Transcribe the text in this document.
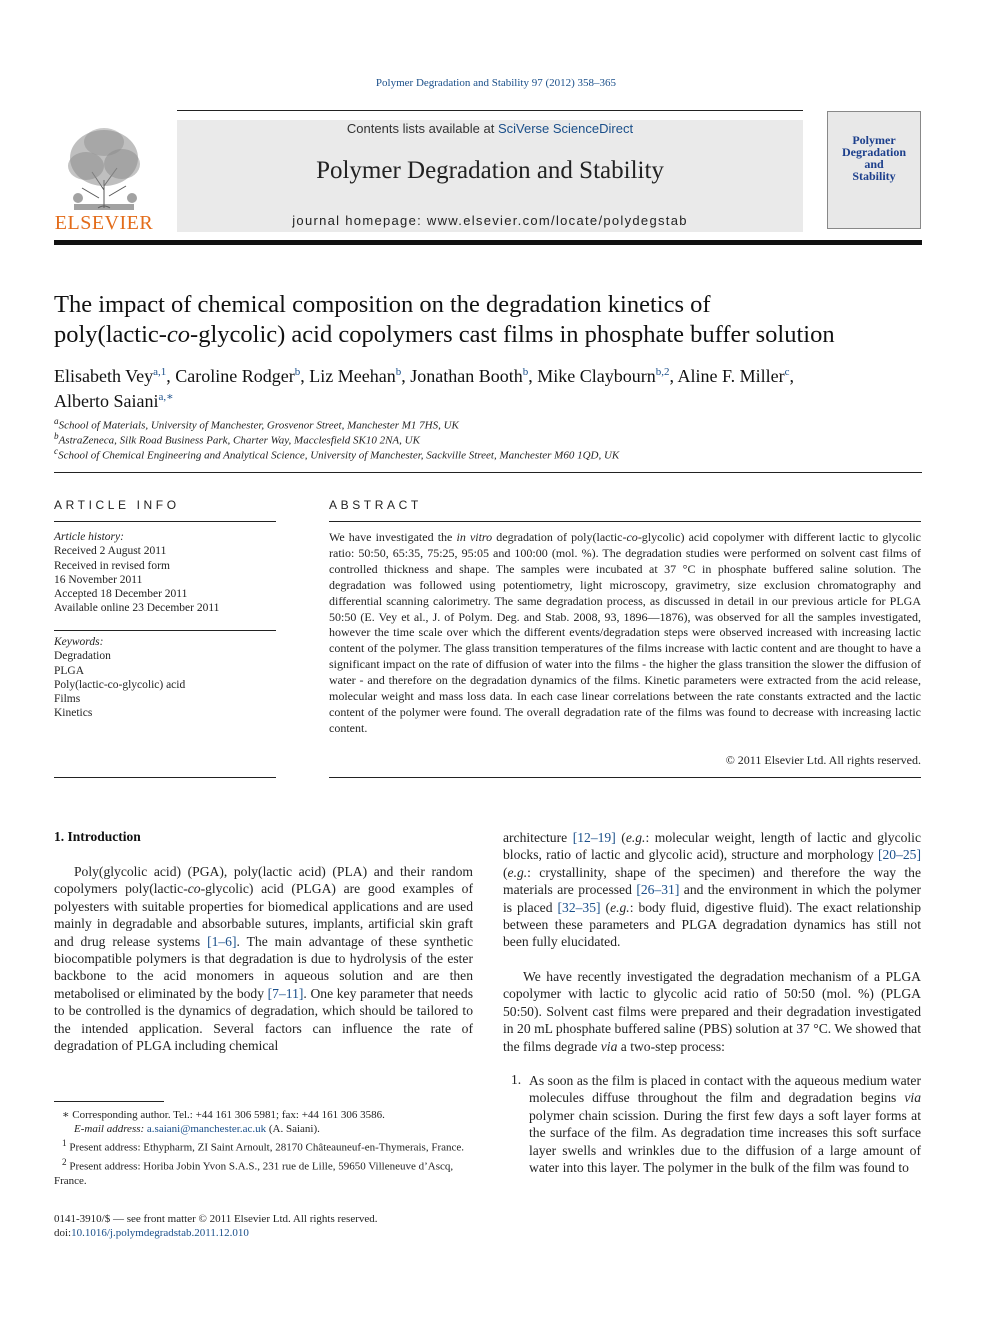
Polymer Degradation and Stability 97 (2012) 358–365
ELSEVIER
Contents lists available at SciVerse ScienceDirect
Polymer Degradation and Stability
journal homepage: www.elsevier.com/locate/polydegstab
Polymer
Degradation
and
Stability
The impact of chemical composition on the degradation kinetics of
poly(lactic-co-glycolic) acid copolymers cast films in phosphate buffer solution
Elisabeth Vey$^{a,1}$, Caroline Rodger$^b$, Liz Meehan$^b$, Jonathan Booth$^b$, Mike Claybourn$^{b,2}$, Aline F. Miller$^c$,
Alberto Saiani$^{a,∗}$
$^a$School of Materials, University of Manchester, Grosvenor Street, Manchester M1 7HS, UK
$^b$AstraZeneca, Silk Road Business Park, Charter Way, Macclesfield SK10 2NA, UK
$^c$School of Chemical Engineering and Analytical Science, University of Manchester, Sackville Street, Manchester M60 1QD, UK
ARTICLE INFO
Article history:
Received 2 August 2011
Received in revised form
16 November 2011
Accepted 18 December 2011
Available online 23 December 2011
Keywords:
Degradation
PLGA
Poly(lactic-co-glycolic) acid
Films
Kinetics
ABSTRACT
We have investigated the in vitro degradation of poly(lactic-co-glycolic) acid copolymer with different lactic to glycolic ratio: 50:50, 65:35, 75:25, 95:05 and 100:00 (mol. %). The degradation studies were performed on solvent cast films of controlled thickness and shape. The samples were incubated at 37 °C in phosphate buffered saline solution. The degradation was followed using potentiometry, light microscopy, gravimetry, size exclusion chromatography and differential scanning calorimetry. The same degradation process, as discussed in detail in our previous article for PLGA 50:50 (E. Vey et al., J. of Polym. Deg. and Stab. 2008, 93, 1896—1876), was observed for all the samples investigated, however the time scale over which the different events/degradation steps were observed increased with increasing lactic content of the polymer. The glass transition temperatures of the films increase with lactic content and are thought to have a significant impact on the rate of diffusion of water into the films - the higher the glass transition the slower the diffusion of water - and therefore on the degradation dynamics of the films. Kinetic parameters were extracted from the acid release, molecular weight and mass loss data. In each case linear correlations between the rate constants extracted and the lactic content of the polymer were found. The overall degradation rate of the films was found to decrease with increasing lactic content.
© 2011 Elsevier Ltd. All rights reserved.
1. Introduction
Poly(glycolic acid) (PGA), poly(lactic acid) (PLA) and their random copolymers poly(lactic-co-glycolic) acid (PLGA) are good examples of polyesters with suitable properties for biomedical applications and are used mainly in degradable and absorbable sutures, implants, artificial skin graft and drug release systems [1–6]. The main advantage of these synthetic biocompatible polymers is that degradation is due to hydrolysis of the ester backbone to the acid monomers in aqueous solution and are then metabolised or eliminated by the body [7–11]. One key parameter that needs to be controlled is the dynamics of degradation, which should be tailored to the intended application. Several factors can influence the rate of degradation of PLGA including chemical
architecture [12–19] (e.g.: molecular weight, length of lactic and glycolic blocks, ratio of lactic and glycolic acid), structure and morphology [20–25] (e.g.: crystallinity, shape of the specimen) and therefore the way the materials are processed [26–31] and the environment in which the polymer is placed [32–35] (e.g.: body fluid, digestive fluid). The exact relationship between these parameters and PLGA degradation dynamics has still not been fully elucidated.
We have recently investigated the degradation mechanism of a PLGA copolymer with lactic to glycolic acid ratio of 50:50 (mol. %) (PLGA 50:50). Solvent cast films were prepared and their degradation investigated in 20 mL phosphate buffered saline (PBS) solution at 37 °C. We showed that the films degrade via a two-step process:
1. As soon as the film is placed in contact with the aqueous medium water molecules diffuse throughout the film and degradation begins via polymer chain scission. During the first few days a soft layer forms at the surface of the film. As degradation time increases this soft surface layer swells and wrinkles due to the diffusion of a large amount of water into this layer. The polymer in the bulk of the film was found to
∗ Corresponding author. Tel.: +44 161 306 5981; fax: +44 161 306 3586.
E-mail address: a.saiani@manchester.ac.uk (A. Saiani).
$^1$ Present address: Ethypharm, ZI Saint Arnoult, 28170 Châteauneuf-en-Thymerais, France.
$^2$ Present address: Horiba Jobin Yvon S.A.S., 231 rue de Lille, 59650 Villeneuve d’Ascq, France.
0141-3910/$ — see front matter © 2011 Elsevier Ltd. All rights reserved.
doi:10.1016/j.polymdegradstab.2011.12.010
